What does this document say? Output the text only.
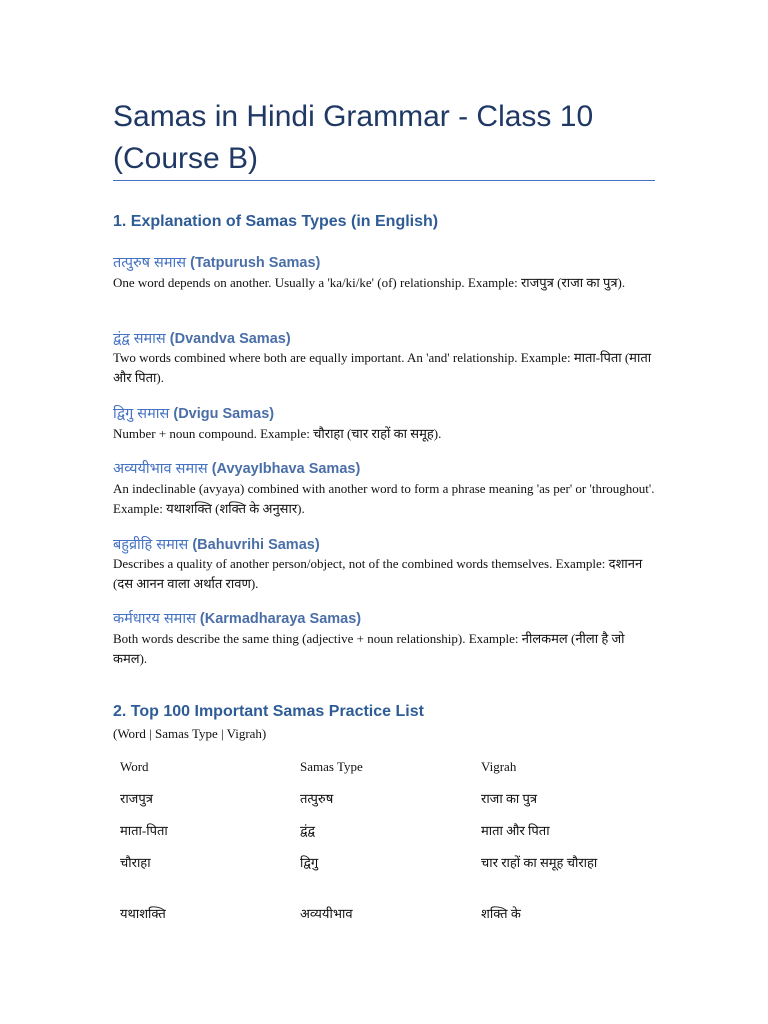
Samas in Hindi Grammar - Class 10 (Course B)
1. Explanation of Samas Types (in English)
तत्पुरुष समास (Tatpurush Samas)

One word depends on another. Usually a 'ka/ki/ke' (of) relationship. Example: राजपुत्र (राजा का पुत्र).

द्वंद्व समास (Dvandva Samas)

Two words combined where both are equally important. An 'and' relationship. Example: माता-पिता (माता और पिता).

द्विगु समास (Dvigu Samas)

Number + noun compound. Example: चौराहा (चार राहों का समूह).

अव्ययीभाव समास (AvyayIbhava Samas)

An indeclinable (avyaya) combined with another word to form a phrase meaning 'as per' or 'throughout'. Example: यथाशक्ति (शक्ति के अनुसार).

बहुव्रीहि समास (Bahuvrihi Samas)

Describes a quality of another person/object, not of the combined words themselves. Example: दशानन (दस आनन वाला अर्थात रावण).

कर्मधारय समास (Karmadharaya Samas)

Both words describe the same thing (adjective + noun relationship). Example: नीलकमल (नीला है जो कमल).

2. Top 100 Important Samas Practice List

(Word | Samas Type | Vigrah)

Word	Samas Type	Vigrah

राजपुत्र	तत्पुरुष	राजा का पुत्र

माता-पिता	द्वंद्व	माता और पिता

चौराहा	द्विगु	चार राहों का समूह चौराहा

यथाशक्ति	अव्ययीभाव	शक्ति के
